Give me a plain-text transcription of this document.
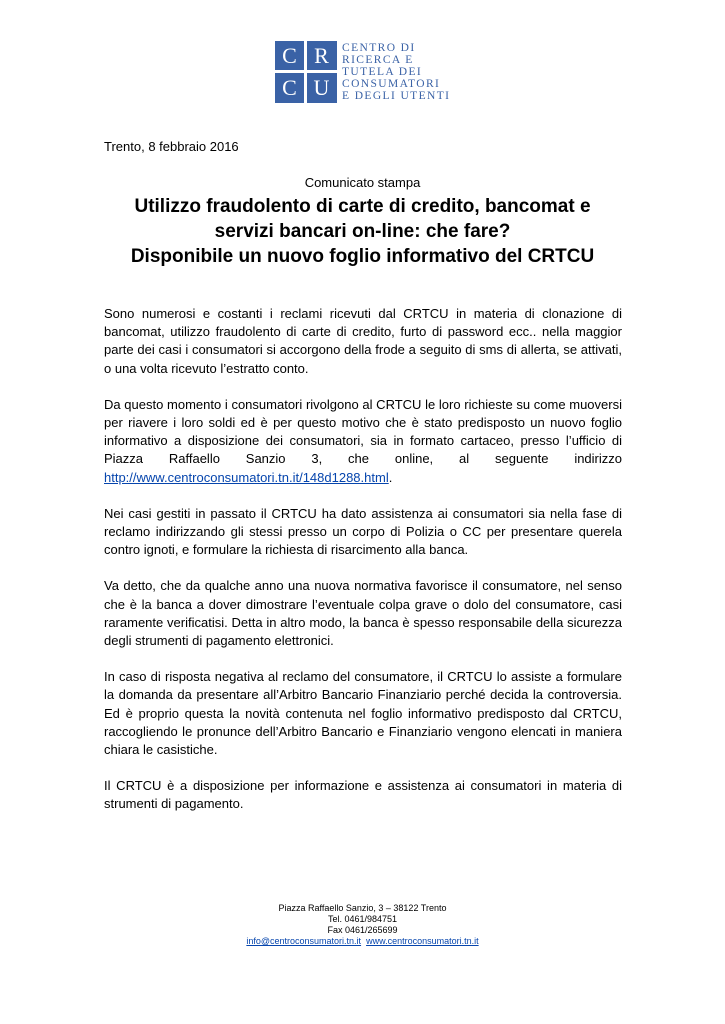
C R
C U
CENTRO DI
RICERCA E
TUTELA DEI
CONSUMATORI
E DEGLI UTENTI
Trento, 8 febbraio 2016
Comunicato stampa
Utilizzo fraudolento di carte di credito, bancomat e
servizi bancari on-line: che fare?
Disponibile un nuovo foglio informativo del CRTCU

Sono numerosi e costanti i reclami ricevuti dal CRTCU in materia di clonazione di bancomat, utilizzo fraudolento di carte di credito, furto di password ecc.. nella maggior parte dei casi i consumatori si accorgono della frode a seguito di sms di allerta, se attivati, o una volta ricevuto l’estratto conto.

Da questo momento i consumatori rivolgono al CRTCU le loro richieste su come muoversi per riavere i loro soldi ed è per questo motivo che è stato predisposto un nuovo foglio informativo a disposizione dei consumatori, sia in formato cartaceo, presso l’ufficio di Piazza Raffaello Sanzio 3, che online, al seguente indirizzo http://www.centroconsumatori.tn.it/148d1288.html.

Nei casi gestiti in passato il CRTCU ha dato assistenza ai consumatori sia nella fase di reclamo indirizzando gli stessi presso un corpo di Polizia o CC per presentare querela contro ignoti, e formulare la richiesta di risarcimento alla banca.

Va detto, che da qualche anno una nuova normativa favorisce il consumatore, nel senso che è la banca a dover dimostrare l’eventuale colpa grave o dolo del consumatore, casi raramente verificatisi. Detta in altro modo, la banca è spesso responsabile della sicurezza degli strumenti di pagamento elettronici.

In caso di risposta negativa al reclamo del consumatore, il CRTCU lo assiste a formulare la domanda da presentare all’Arbitro Bancario Finanziario perché decida la controversia. Ed è proprio questa la novità contenuta nel foglio informativo predisposto dal CRTCU, raccogliendo le pronunce dell’Arbitro Bancario e Finanziario vengono elencati in maniera chiara le casistiche.

Il CRTCU è a disposizione per informazione e assistenza ai consumatori in materia di strumenti di pagamento.

Piazza Raffaello Sanzio, 3 – 38122 Trento
Tel. 0461/984751
Fax 0461/265699
info@centroconsumatori.tn.it www.centroconsumatori.tn.it
